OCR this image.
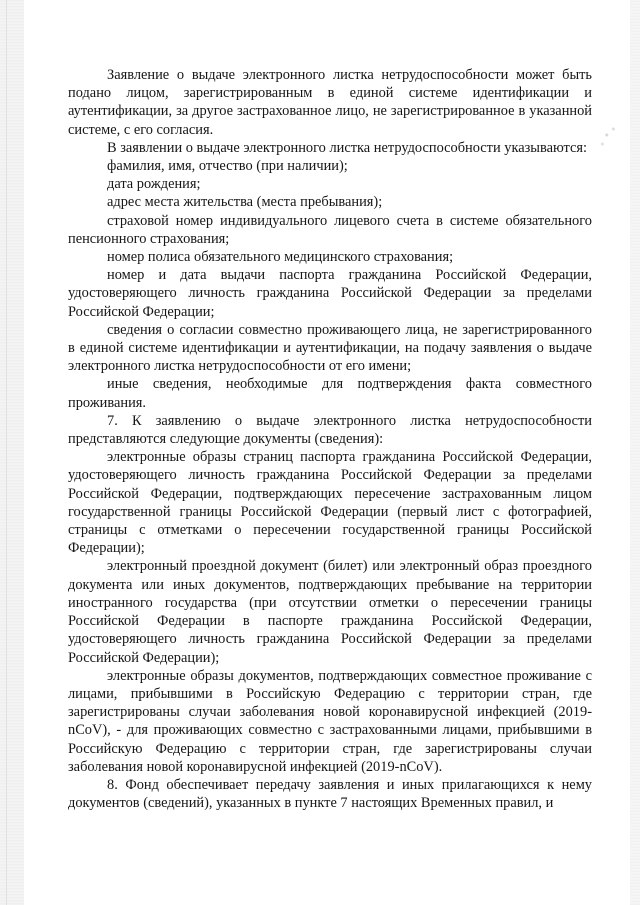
Заявление о выдаче электронного листка нетрудоспособности может быть подано лицом, зарегистрированным в единой системе идентификации и аутентификации, за другое застрахованное лицо, не зарегистрированное в указанной системе, с его согласия.

В заявлении о выдаче электронного листка нетрудоспособности указываются:

фамилия, имя, отчество (при наличии);

дата рождения;

адрес места жительства (места пребывания);

страховой номер индивидуального лицевого счета в системе обязательного пенсионного страхования;

номер полиса обязательного медицинского страхования;

номер и дата выдачи паспорта гражданина Российской Федерации, удостоверяющего личность гражданина Российской Федерации за пределами Российской Федерации;

сведения о согласии совместно проживающего лица, не зарегистрированного в единой системе идентификации и аутентификации, на подачу заявления о выдаче электронного листка нетрудоспособности от его имени;

иные сведения, необходимые для подтверждения факта совместного проживания.

7. К заявлению о выдаче электронного листка нетрудоспособности представляются следующие документы (сведения):

электронные образы страниц паспорта гражданина Российской Федерации, удостоверяющего личность гражданина Российской Федерации за пределами Российской Федерации, подтверждающих пересечение застрахованным лицом государственной границы Российской Федерации (первый лист с фотографией, страницы с отметками о пересечении государственной границы Российской Федерации);

электронный проездной документ (билет) или электронный образ проездного документа или иных документов, подтверждающих пребывание на территории иностранного государства (при отсутствии отметки о пересечении границы Российской Федерации в паспорте гражданина Российской Федерации, удостоверяющего личность гражданина Российской Федерации за пределами Российской Федерации);

электронные образы документов, подтверждающих совместное проживание с лицами, прибывшими в Российскую Федерацию с территории стран, где зарегистрированы случаи заболевания новой коронавирусной инфекцией (2019-nCoV), - для проживающих совместно с застрахованными лицами, прибывшими в Российскую Федерацию с территории стран, где зарегистрированы случаи заболевания новой коронавирусной инфекцией (2019-nCoV).

8. Фонд обеспечивает передачу заявления и иных прилагающихся к нему документов (сведений), указанных в пункте 7 настоящих Временных правил, и
